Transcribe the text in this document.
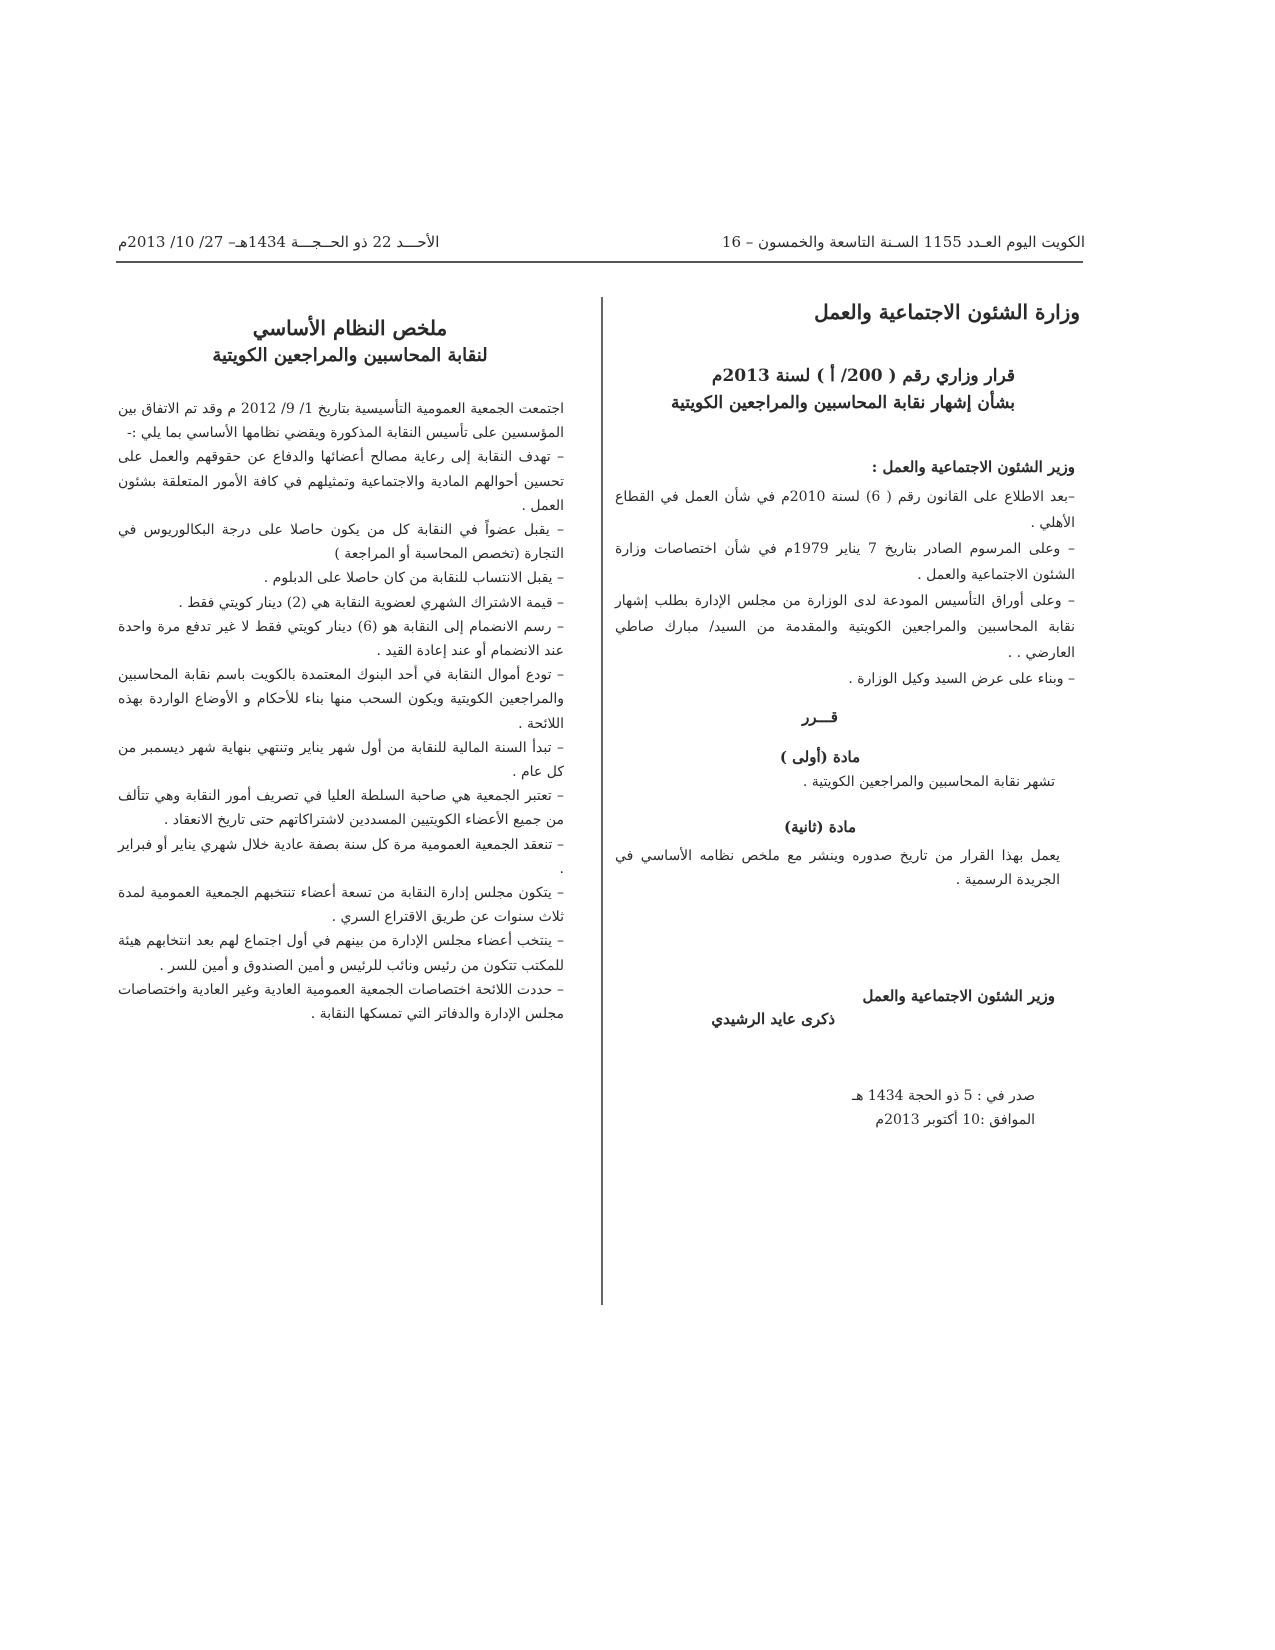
الكويت اليوم العـدد 1155 السـنة التاسعة والخمسون – 16
الأحـــد 22 ذو الحــجـــة 1434هـ– 27/ 10/ 2013م
وزارة الشئون الاجتماعية والعمل
قرار وزاري رقم ( 200/ أ ) لسنة 2013م
بشأن إشهار نقابة المحاسبين والمراجعين الكويتية
وزير الشئون الاجتماعية والعمل :
–بعد الاطلاع على القانون رقم ( 6) لسنة 2010م في شأن العمل في القطاع الأهلي .
– وعلى المرسوم الصادر بتاريخ 7 يناير 1979م في شأن اختصاصات وزارة الشئون الاجتماعية والعمل .
– وعلى أوراق التأسيس المودعة لدى الوزارة من مجلس الإدارة بطلب إشهار نقابة المحاسبين والمراجعين الكويتية والمقدمة من السيد/ مبارك صاطي العارضي . .
– وبناء على عرض السيد وكيل الوزارة .
قـــرر
مادة (أولى )
تشهر نقابة المحاسبين والمراجعين الكويتية .
مادة (ثانية)
يعمل بهذا القرار من تاريخ صدوره وينشر مع ملخص نظامه الأساسي في الجريدة الرسمية .
وزير الشئون الاجتماعية والعمل
ذكرى عايد الرشيدي
صدر في : 5 ذو الحجة 1434 هـ
الموافق :10 أكتوبر 2013م
ملخص النظام الأساسي
لنقابة المحاسبين والمراجعين الكويتية

اجتمعت الجمعية العمومية التأسيسية بتاريخ 1/ 9/ 2012 م وقد تم الاتفاق بين المؤسسين على تأسيس النقابة المذكورة ويقضي نظامها الأساسي بما يلي :-

– تهدف النقابة إلى رعاية مصالح أعضائها والدفاع عن حقوقهم والعمل على تحسين أحوالهم المادية والاجتماعية وتمثيلهم في كافة الأمور المتعلقة بشئون العمل .

– يقبل عضواً في النقابة كل من يكون حاصلا على درجة البكالوريوس في التجارة (تخصص المحاسبة أو المراجعة )

– يقبل الانتساب للنقابة من كان حاصلا على الدبلوم .

– قيمة الاشتراك الشهري لعضوية النقابة هي (2) دينار كويتي فقط .

– رسم الانضمام إلى النقابة هو (6) دينار كويتي فقط لا غير تدفع مرة واحدة عند الانضمام أو عند إعادة القيد .

– تودع أموال النقابة في أحد البنوك المعتمدة بالكويت باسم نقابة المحاسبين والمراجعين الكويتية ويكون السحب منها بناء للأحكام و الأوضاع الواردة بهذه اللائحة .

– تبدأ السنة المالية للنقابة من أول شهر يناير وتنتهي بنهاية شهر ديسمبر من كل عام .

– تعتبر الجمعية هي صاحبة السلطة العليا في تصريف أمور النقابة وهي تتألف من جميع الأعضاء الكويتيين المسددين لاشتراكاتهم حتى تاريخ الانعقاد .

– تنعقد الجمعية العمومية مرة كل سنة بصفة عادية خلال شهري يناير أو فبراير .

– يتكون مجلس إدارة النقابة من تسعة أعضاء تنتخبهم الجمعية العمومية لمدة ثلاث سنوات عن طريق الاقتراع السري .

– ينتخب أعضاء مجلس الإدارة من بينهم في أول اجتماع لهم بعد انتخابهم هيئة للمكتب تتكون من رئيس ونائب للرئيس و أمين الصندوق و أمين للسر .

– حددت اللائحة اختصاصات الجمعية العمومية العادية وغير العادية واختصاصات مجلس الإدارة والدفاتر التي تمسكها النقابة .
